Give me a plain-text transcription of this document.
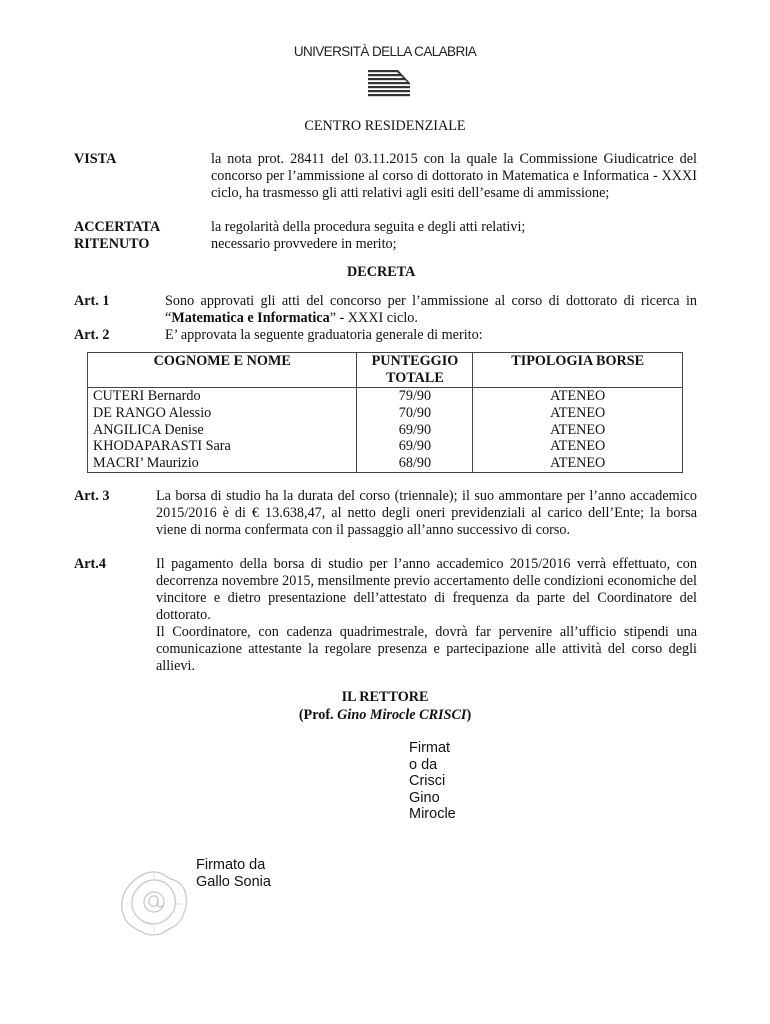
UNIVERSITÀ DELLA CALABRIA
CENTRO RESIDENZIALE
VISTA	la nota prot. 28411 del 03.11.2015 con la quale la Commissione Giudicatrice del concorso per l’ammissione al corso di dottorato in Matematica e Informatica - XXXI ciclo, ha trasmesso gli atti relativi agli esiti dell’esame di ammissione;
ACCERTATA	la regolarità della procedura seguita e degli atti relativi;
RITENUTO	necessario provvedere in merito;
DECRETA
Art. 1	Sono approvati gli atti del concorso per l’ammissione al corso di dottorato di ricerca in “Matematica e Informatica” - XXXI ciclo.
Art. 2	E’ approvata la seguente graduatoria generale di merito:
COGNOME E NOME	PUNTEGGIO TOTALE	TIPOLOGIA BORSE
CUTERI Bernardo	79/90	ATENEO
DE RANGO Alessio	70/90	ATENEO
ANGILICA Denise	69/90	ATENEO
KHODAPARASTI Sara	69/90	ATENEO
MACRI’ Maurizio	68/90	ATENEO
Art. 3	La borsa di studio ha la durata del corso (triennale); il suo ammontare per l’anno accademico 2015/2016 è di € 13.638,47, al netto degli oneri previdenziali al carico dell’Ente; la borsa viene di norma confermata con il passaggio all’anno successivo di corso.
Art.4	Il pagamento della borsa di studio per l’anno accademico 2015/2016 verrà effettuato, con decorrenza novembre 2015, mensilmente previo accertamento delle condizioni economiche del vincitore e dietro presentazione dell’attestato di frequenza da parte del Coordinatore del dottorato.
Il Coordinatore, con cadenza quadrimestrale, dovrà far pervenire all’ufficio stipendi una comunicazione attestante la regolare presenza e partecipazione alle attività del corso degli allievi.
IL RETTORE
(Prof. Gino Mirocle CRISCI)
Firmat
o da
Crisci
Gino
Mirocle
Firmato da
Gallo Sonia
